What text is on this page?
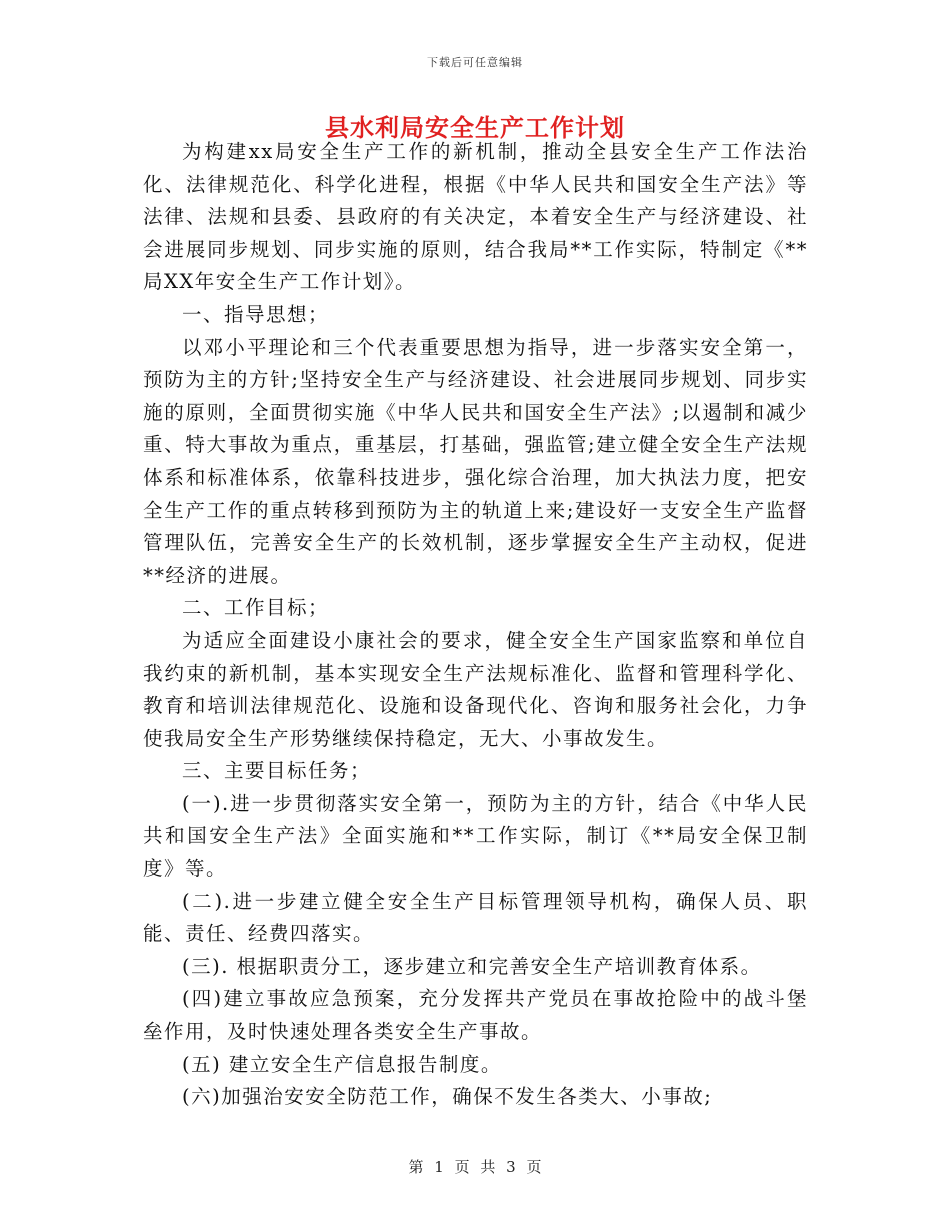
下载后可任意编辑
县水利局安全生产工作计划

为构建xx局安全生产工作的新机制，推动全县安全生产工作法治化、法律规范化、科学化进程，根据《中华人民共和国安全生产法》等法律、法规和县委、县政府的有关决定，本着安全生产与经济建设、社会进展同步规划、同步实施的原则，结合我局**工作实际，特制定《**局XX年安全生产工作计划》。

一、指导思想；

以邓小平理论和三个代表重要思想为指导，进一步落实安全第一，预防为主的方针;坚持安全生产与经济建设、社会进展同步规划、同步实施的原则，全面贯彻实施《中华人民共和国安全生产法》;以遏制和减少重、特大事故为重点，重基层，打基础，强监管;建立健全安全生产法规体系和标准体系，依靠科技进步，强化综合治理，加大执法力度，把安全生产工作的重点转移到预防为主的轨道上来;建设好一支安全生产监督管理队伍，完善安全生产的长效机制，逐步掌握安全生产主动权，促进**经济的进展。

二、工作目标；

为适应全面建设小康社会的要求，健全安全生产国家监察和单位自我约束的新机制，基本实现安全生产法规标准化、监督和管理科学化、教育和培训法律规范化、设施和设备现代化、咨询和服务社会化，力争使我局安全生产形势继续保持稳定，无大、小事故发生。

三、主要目标任务；

(一).进一步贯彻落实安全第一，预防为主的方针，结合《中华人民共和国安全生产法》全面实施和**工作实际，制订《**局安全保卫制度》等。

(二).进一步建立健全安全生产目标管理领导机构，确保人员、职能、责任、经费四落实。

(三). 根据职责分工，逐步建立和完善安全生产培训教育体系。

(四)建立事故应急预案，充分发挥共产党员在事故抢险中的战斗堡垒作用，及时快速处理各类安全生产事故。

(五) 建立安全生产信息报告制度。

(六)加强治安安全防范工作，确保不发生各类大、小事故;

第 1 页 共 3 页
